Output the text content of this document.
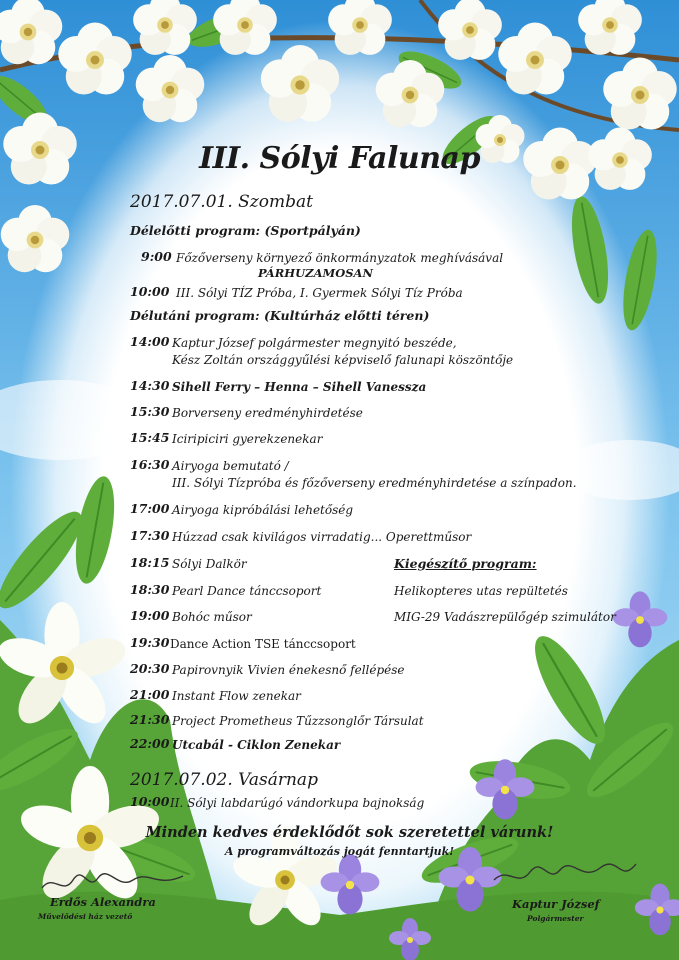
III. Sólyi Falunap
2017.07.01. Szombat
Délelőtti program: (Sportpályán)
9:00 Főzőverseny környező önkormányzatok meghívásával
PÁRHUZAMOSAN
10:00 III. Sólyi TÍZ Próba, I. Gyermek Sólyi Tíz Próba
Délutáni program: (Kultúrház előtti téren)
14:00 Kaptur József polgármester megnyitó beszéde,
Kész Zoltán országgyűlési képviselő falunapi köszöntője
14:30 Sihell Ferry – Henna – Sihell Vanessza
15:30 Borverseny eredményhirdetése
15:45 Iciripiciri gyerekzenekar
16:30 Airyoga bemutató /
III. Sólyi Tízpróba és főzőverseny eredményhirdetése a színpadon.
17:00 Airyoga kipróbálási lehetőség
17:30 Húzzad csak kivilágos virradatig... Operettműsor
18:15 Sólyi Dalkör
18:30 Pearl Dance tánccsoport
19:00 Bohóc műsor
19:30 Dance Action TSE tánccsoport
20:30 Papirovnyik Vivien énekesnő fellépése
21:00 Instant Flow zenekar
21:30 Project Prometheus Tűzzsonglőr Társulat
22:00 Utcabál - Ciklon Zenekar
Kiegészítő program:
Helikopteres utas repültetés
MIG-29 Vadászrepülőgép szimulátor
2017.07.02. Vasárnap
10:00 II. Sólyi labdarúgó vándorkupa bajnokság
Minden kedves érdeklődőt sok szeretettel várunk!
A programváltozás jogát fenntartjuk!
Erdős Alexandra
Művelődési ház vezető
Kaptur József
Polgármester
